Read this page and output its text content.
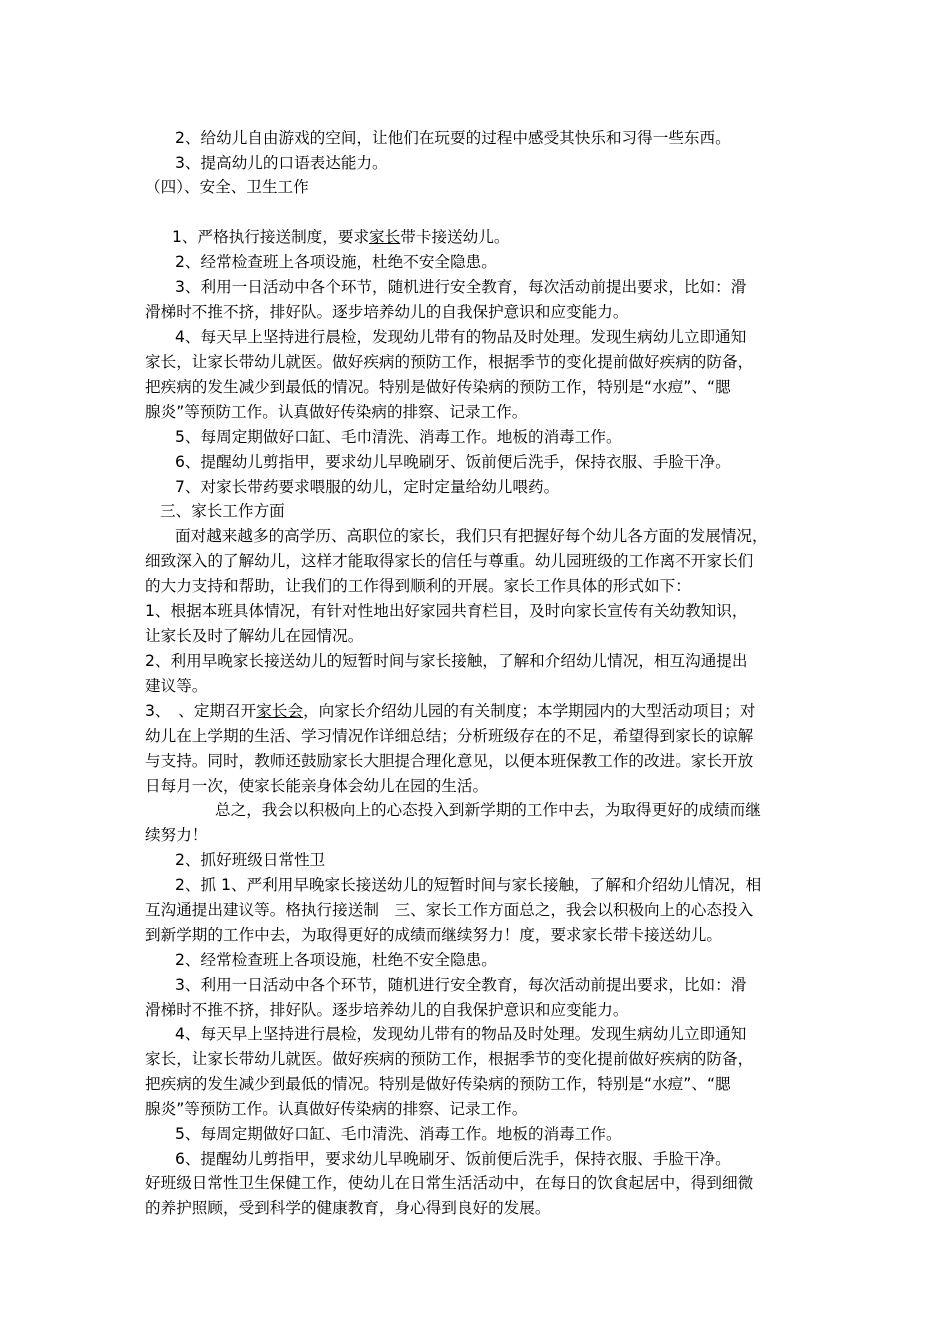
2、给幼儿自由游戏的空间，让他们在玩耍的过程中感受其快乐和习得一些东西。
3、提高幼儿的口语表达能力。
（四）、安全、卫生工作
1、严格执行接送制度，要求家长带卡接送幼儿。
2、经常检查班上各项设施，杜绝不安全隐患。
3、利用一日活动中各个环节，随机进行安全教育，每次活动前提出要求，比如：滑
滑梯时不推不挤，排好队。逐步培养幼儿的自我保护意识和应变能力。
4、每天早上坚持进行晨检，发现幼儿带有的物品及时处理。发现生病幼儿立即通知
家长，让家长带幼儿就医。做好疾病的预防工作，根据季节的变化提前做好疾病的防备，
把疾病的发生减少到最低的情况。特别是做好传染病的预防工作，特别是“水痘”、“腮
腺炎”等预防工作。认真做好传染病的排察、记录工作。
5、每周定期做好口缸、毛巾清洗、消毒工作。地板的消毒工作。
6、提醒幼儿剪指甲，要求幼儿早晚刷牙、饭前便后洗手，保持衣服、手脸干净。
7、对家长带药要求喂服的幼儿，定时定量给幼儿喂药。
三、家长工作方面
面对越来越多的高学历、高职位的家长，我们只有把握好每个幼儿各方面的发展情况，
细致深入的了解幼儿，这样才能取得家长的信任与尊重。幼儿园班级的工作离不开家长们
的大力支持和帮助，让我们的工作得到顺利的开展。家长工作具体的形式如下：
1、根据本班具体情况，有针对性地出好家园共育栏目，及时向家长宣传有关幼教知识，
让家长及时了解幼儿在园情况。
2、利用早晚家长接送幼儿的短暂时间与家长接触，了解和介绍幼儿情况，相互沟通提出
建议等。
3、　、定期召开家长会，向家长介绍幼儿园的有关制度；本学期园内的大型活动项目；对
幼儿在上学期的生活、学习情况作详细总结；分析班级存在的不足，希望得到家长的谅解
与支持。同时，教师还鼓励家长大胆提合理化意见，以便本班保教工作的改进。家长开放
日每月一次，使家长能亲身体会幼儿在园的生活。
总之，我会以积极向上的心态投入到新学期的工作中去，为取得更好的成绩而继
续努力！
2、抓好班级日常性卫
2、抓 1、严利用早晚家长接送幼儿的短暂时间与家长接触，了解和介绍幼儿情况，相
互沟通提出建议等。格执行接送制　三、家长工作方面总之，我会以积极向上的心态投入
到新学期的工作中去，为取得更好的成绩而继续努力！度，要求家长带卡接送幼儿。
2、经常检查班上各项设施，杜绝不安全隐患。
3、利用一日活动中各个环节，随机进行安全教育，每次活动前提出要求，比如：滑
滑梯时不推不挤，排好队。逐步培养幼儿的自我保护意识和应变能力。
4、每天早上坚持进行晨检，发现幼儿带有的物品及时处理。发现生病幼儿立即通知
家长，让家长带幼儿就医。做好疾病的预防工作，根据季节的变化提前做好疾病的防备，
把疾病的发生减少到最低的情况。特别是做好传染病的预防工作，特别是“水痘”、“腮
腺炎”等预防工作。认真做好传染病的排察、记录工作。
5、每周定期做好口缸、毛巾清洗、消毒工作。地板的消毒工作。
6、提醒幼儿剪指甲，要求幼儿早晚刷牙、饭前便后洗手，保持衣服、手脸干净。
好班级日常性卫生保健工作，使幼儿在日常生活活动中，在每日的饮食起居中，得到细微
的养护照顾，受到科学的健康教育，身心得到良好的发展。
